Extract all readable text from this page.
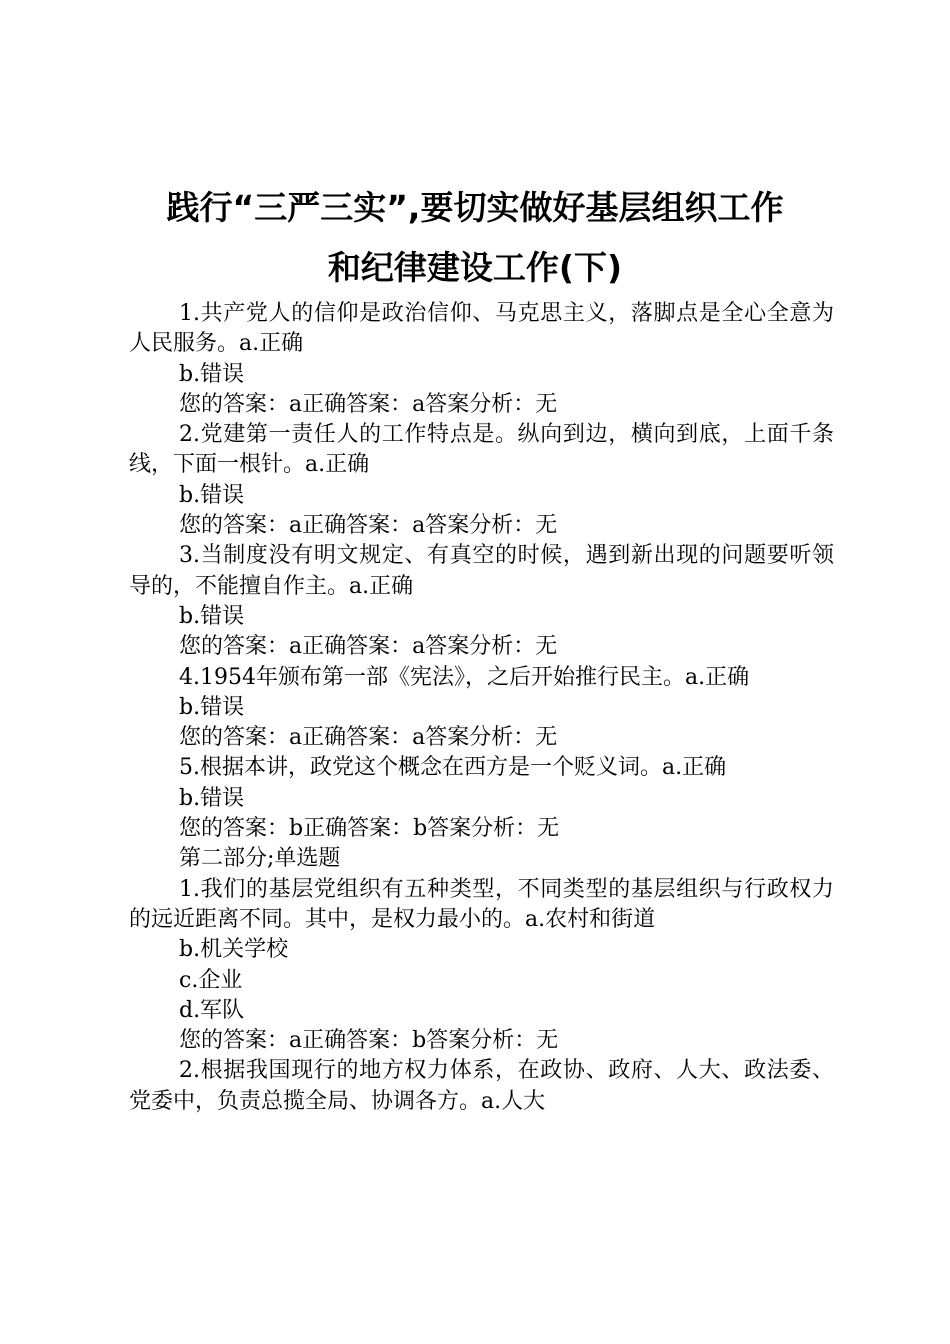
践行“三严三实”,要切实做好基层组织工作
和纪律建设工作(下)

1.共产党人的信仰是政治信仰、马克思主义，落脚点是全心全意为人民服务。a.正确

b.错误

您的答案：a正确答案：a答案分析：无

2.党建第一责任人的工作特点是。纵向到边，横向到底，上面千条线，下面一根针。a.正确

b.错误

您的答案：a正确答案：a答案分析：无

3.当制度没有明文规定、有真空的时候，遇到新出现的问题要听领导的，不能擅自作主。a.正确

b.错误

您的答案：a正确答案：a答案分析：无

4.1954年颁布第一部《宪法》，之后开始推行民主。a.正确

b.错误

您的答案：a正确答案：a答案分析：无

5.根据本讲，政党这个概念在西方是一个贬义词。a.正确

b.错误

您的答案：b正确答案：b答案分析：无

第二部分;单选题

1.我们的基层党组织有五种类型，不同类型的基层组织与行政权力的远近距离不同。其中，是权力最小的。a.农村和街道

b.机关学校

c.企业

d.军队

您的答案：a正确答案：b答案分析：无

2.根据我国现行的地方权力体系，在政协、政府、人大、政法委、党委中，负责总揽全局、协调各方。a.人大
